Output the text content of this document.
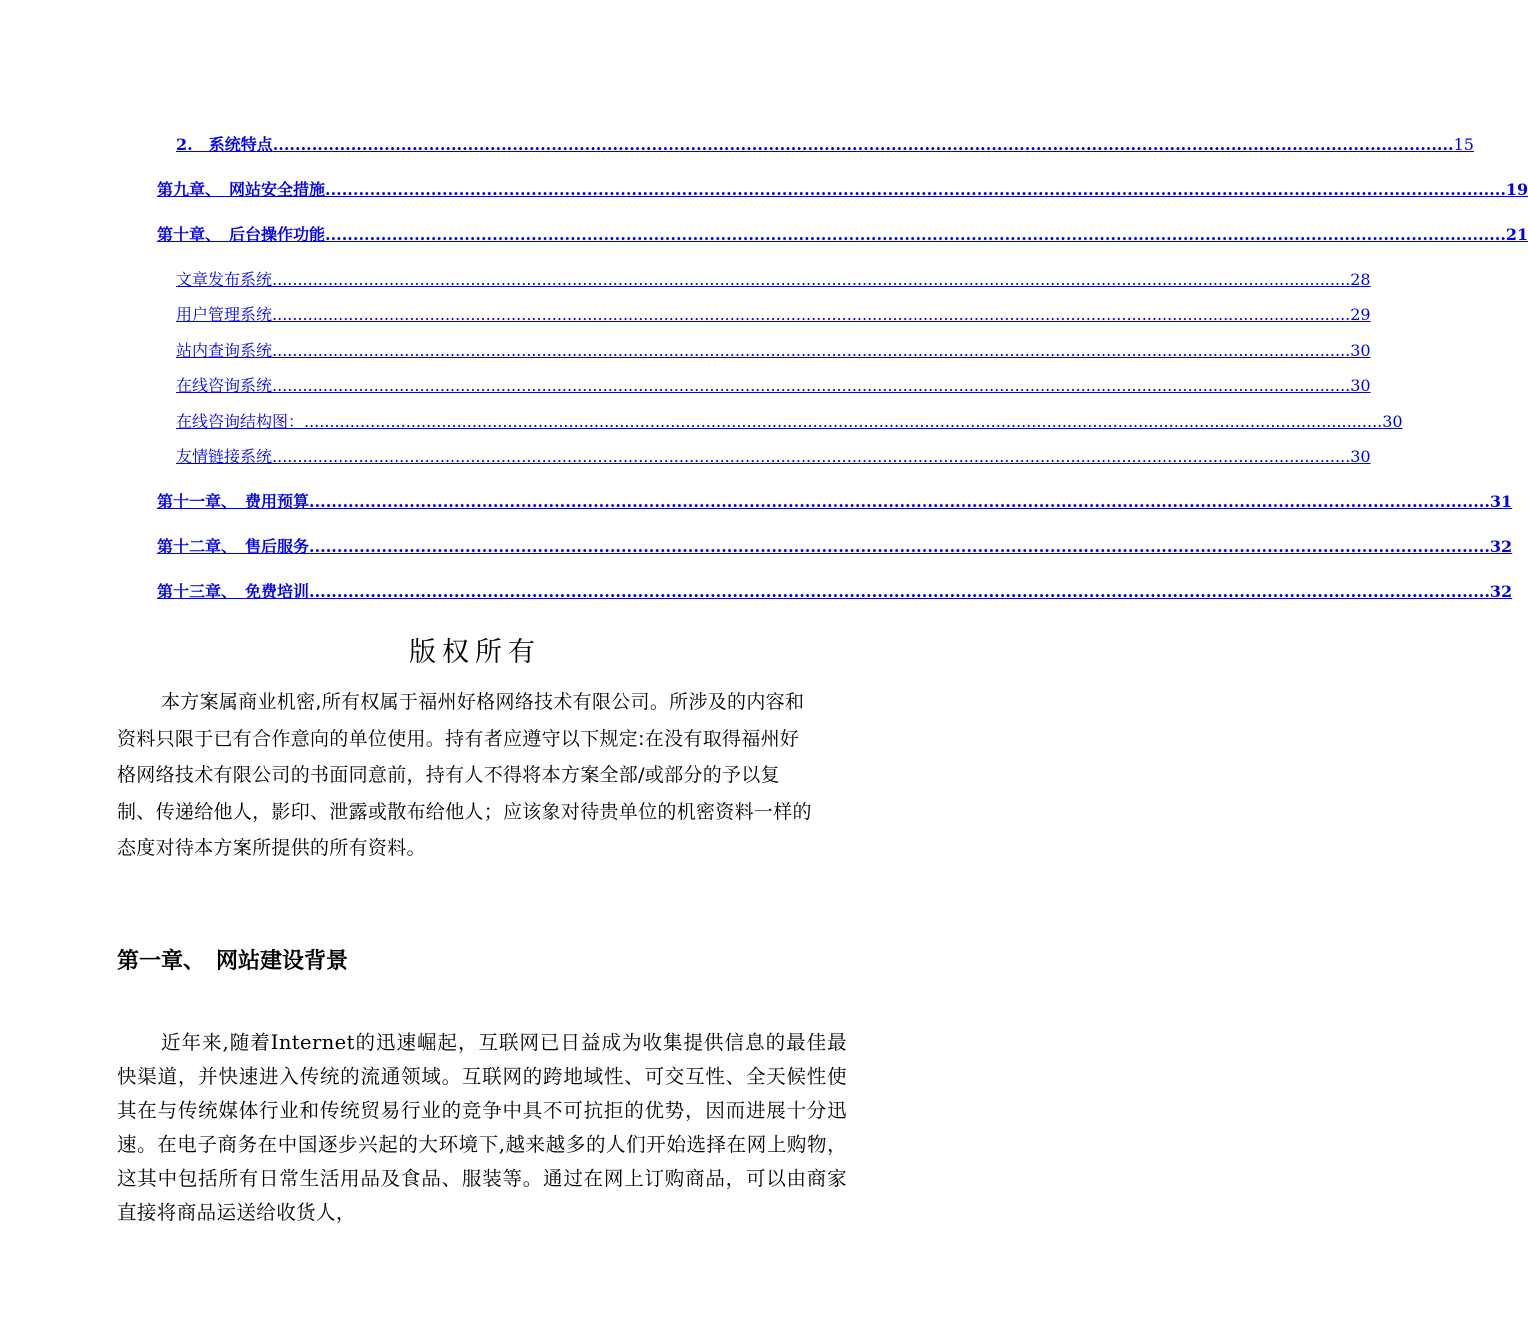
2.　系统特点 .................................................................................................................................................................................................................... 15
第九章、　网站安全措施 .................................................................................................................................................................................................................... 19
第十章、　后台操作功能 .................................................................................................................................................................................................................... 21
文章发布系统 .................................................................................................................................................................................................................... 28
用户管理系统 .................................................................................................................................................................................................................... 29
站内查询系统 .................................................................................................................................................................................................................... 30
在线咨询系统 .................................................................................................................................................................................................................... 30
在线咨询结构图： .................................................................................................................................................................................................................... 30
友情链接系统 .................................................................................................................................................................................................................... 30
第十一章、　费用预算 .................................................................................................................................................................................................................... 31
第十二章、　售后服务 .................................................................................................................................................................................................................... 32
第十三章、　免费培训 .................................................................................................................................................................................................................... 32
版权所有
本方案属商业机密,所有权属于福州好格网络技术有限公司。所涉及的内容和资料只限于已有合作意向的单位使用。持有者应遵守以下规定:在没有取得福州好格网络技术有限公司的书面同意前，持有人不得将本方案全部/或部分的予以复制、传递给他人，影印、泄露或散布给他人；应该象对待贵单位的机密资料一样的态度对待本方案所提供的所有资料。
第一章、　网站建设背景
近年来,随着Internet的迅速崛起，互联网已日益成为收集提供信息的最佳最快渠道，并快速进入传统的流通领域。互联网的跨地域性、可交互性、全天候性使其在与传统媒体行业和传统贸易行业的竞争中具不可抗拒的优势，因而进展十分迅速。在电子商务在中国逐步兴起的大环境下,越来越多的人们开始选择在网上购物，这其中包括所有日常生活用品及食品、服装等。通过在网上订购商品，可以由商家直接将商品运送给收货人，
